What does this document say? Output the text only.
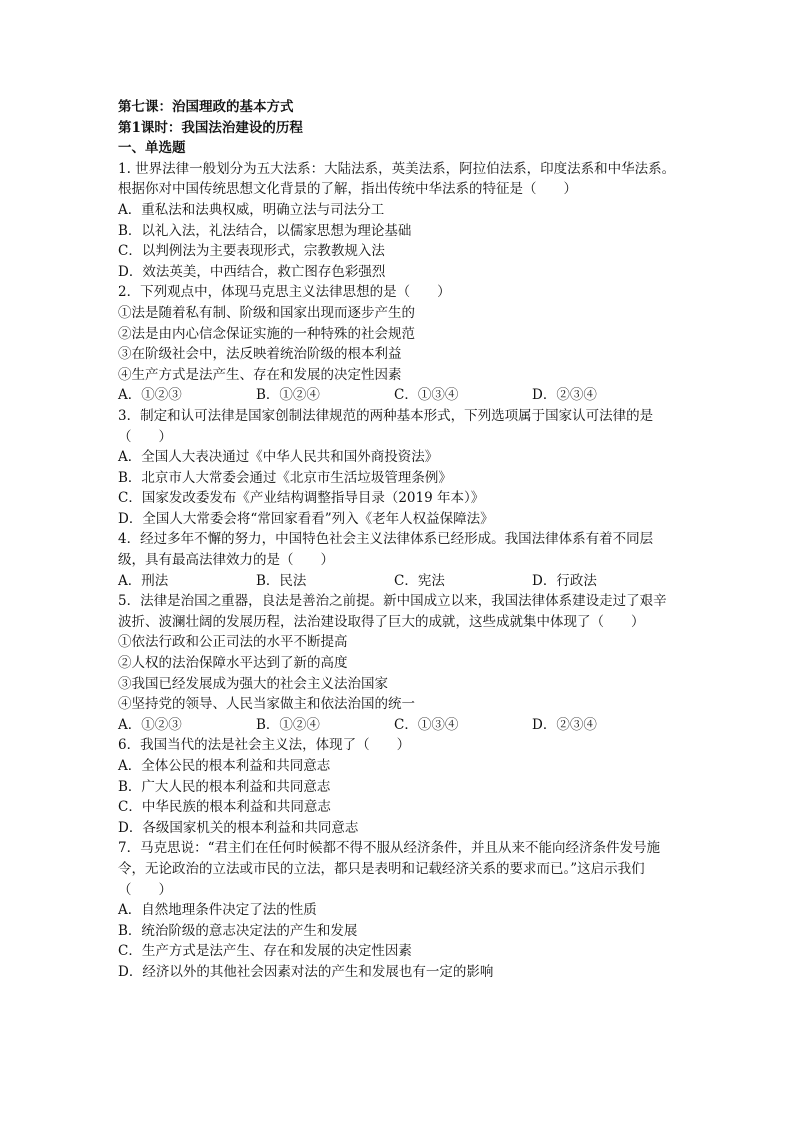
第七课：治国理政的基本方式
第1课时：我国法治建设的历程
一、单选题
1. 世界法律一般划分为五大法系：大陆法系，英美法系，阿拉伯法系，印度法系和中华法系。根据你对中国传统思想文化背景的了解，指出传统中华法系的特征是（　　）
A．重私法和法典权威，明确立法与司法分工
B．以礼入法，礼法结合，以儒家思想为理论基础
C．以判例法为主要表现形式，宗教教规入法
D．效法英美，中西结合，救亡图存色彩强烈
2．下列观点中，体现马克思主义法律思想的是（　　）
①法是随着私有制、阶级和国家出现而逐步产生的
②法是由内心信念保证实施的一种特殊的社会规范
③在阶级社会中，法反映着统治阶级的根本利益
④生产方式是法产生、存在和发展的决定性因素
A．①②③	B．①②④	C．①③④	D．②③④
3．制定和认可法律是国家创制法律规范的两种基本形式，下列选项属于国家认可法律的是（　　）
A．全国人大表决通过《中华人民共和国外商投资法》
B．北京市人大常委会通过《北京市生活垃圾管理条例》
C．国家发改委发布《产业结构调整指导目录（2019 年本）》
D．全国人大常委会将“常回家看看”列入《老年人权益保障法》
4．经过多年不懈的努力，中国特色社会主义法律体系已经形成。我国法律体系有着不同层级，具有最高法律效力的是（　　）
A．刑法	B．民法	C．宪法	D．行政法
5．法律是治国之重器，良法是善治之前提。新中国成立以来，我国法律体系建设走过了艰辛波折、波澜壮阔的发展历程，法治建设取得了巨大的成就，这些成就集中体现了（　　）
①依法行政和公正司法的水平不断提高
②人权的法治保障水平达到了新的高度
③我国已经发展成为强大的社会主义法治国家
④坚持党的领导、人民当家做主和依法治国的统一
A．①②③	B．①②④	C．①③④	D．②③④
6．我国当代的法是社会主义法，体现了（　　）
A．全体公民的根本利益和共同意志
B．广大人民的根本利益和共同意志
C．中华民族的根本利益和共同意志
D．各级国家机关的根本利益和共同意志
7．马克思说：“君主们在任何时候都不得不服从经济条件，并且从来不能向经济条件发号施令，无论政治的立法或市民的立法，都只是表明和记载经济关系的要求而已。”这启示我们（　　）
A．自然地理条件决定了法的性质
B．统治阶级的意志决定法的产生和发展
C．生产方式是法产生、存在和发展的决定性因素
D．经济以外的其他社会因素对法的产生和发展也有一定的影响
